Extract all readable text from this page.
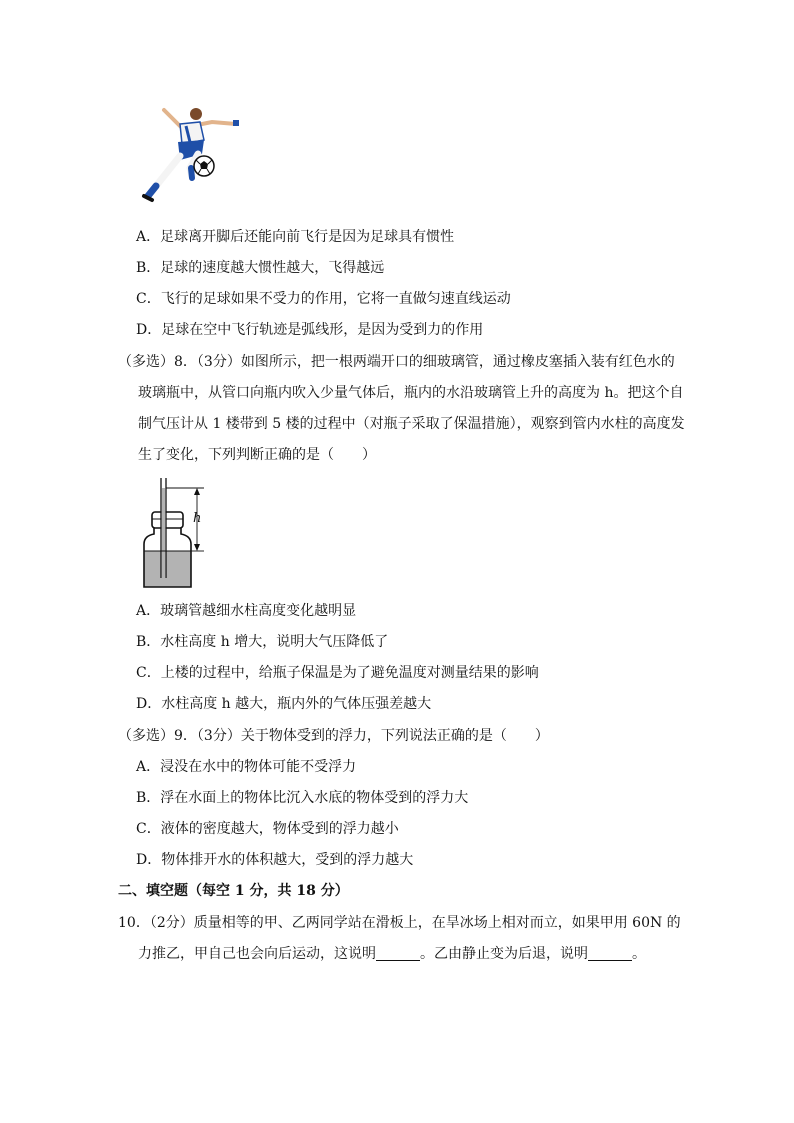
A．足球离开脚后还能向前飞行是因为足球具有惯性
B．足球的速度越大惯性越大，飞得越远
C．飞行的足球如果不受力的作用，它将一直做匀速直线运动
D．足球在空中飞行轨迹是弧线形，是因为受到力的作用
（多选）8．（3分）如图所示，把一根两端开口的细玻璃管，通过橡皮塞插入装有红色水的
玻璃瓶中，从管口向瓶内吹入少量气体后，瓶内的水沿玻璃管上升的高度为 h。把这个自
制气压计从 1 楼带到 5 楼的过程中（对瓶子采取了保温措施），观察到管内水柱的高度发
生了变化，下列判断正确的是（　　）
h
A．玻璃管越细水柱高度变化越明显
B．水柱高度 h 增大，说明大气压降低了
C．上楼的过程中，给瓶子保温是为了避免温度对测量结果的影响
D．水柱高度 h 越大，瓶内外的气体压强差越大
（多选）9．（3分）关于物体受到的浮力，下列说法正确的是（　　）
A．浸没在水中的物体可能不受浮力
B．浮在水面上的物体比沉入水底的物体受到的浮力大
C．液体的密度越大，物体受到的浮力越小
D．物体排开水的体积越大，受到的浮力越大
二、填空题（每空 1 分，共 18 分）
10．（2分）质量相等的甲、乙两同学站在滑板上，在旱冰场上相对而立，如果甲用 60N 的
力推乙，甲自己也会向后运动，这说明	。乙由静止变为后退，说明	。
